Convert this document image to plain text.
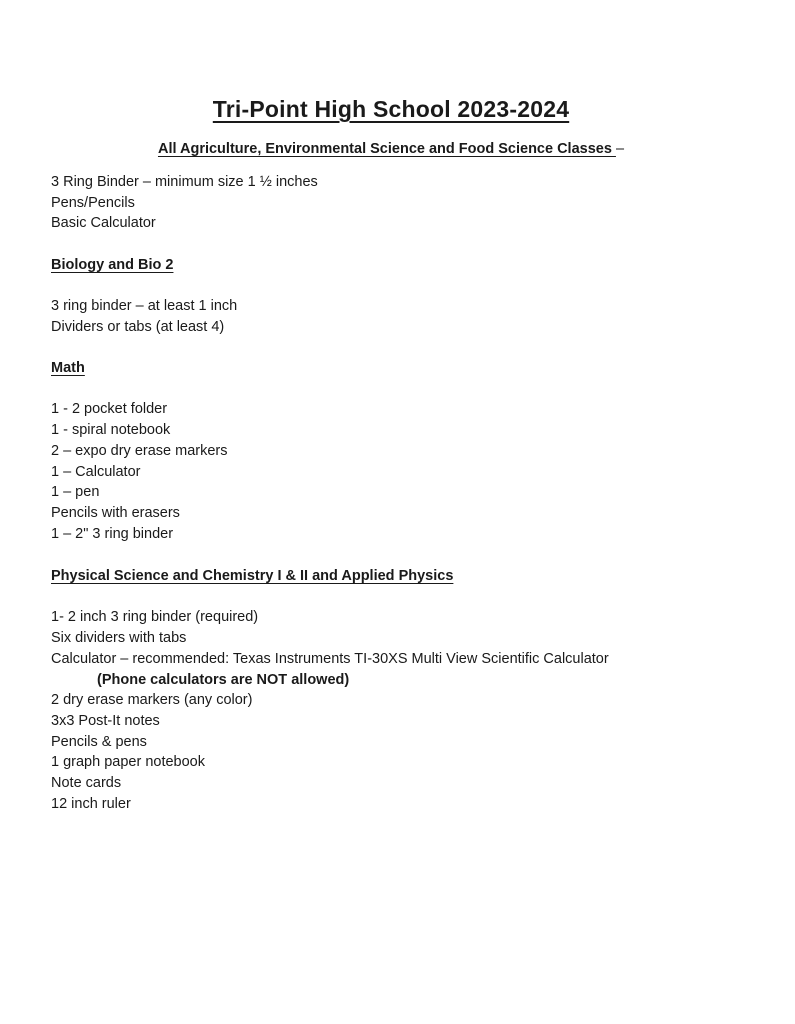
Tri-Point High School 2023-2024

All Agriculture, Environmental Science and Food Science Classes –

3 Ring Binder – minimum size 1 ½ inches
Pens/Pencils
Basic Calculator
Biology and Bio 2
3 ring binder – at least 1 inch
Dividers or tabs (at least 4)
Math
1 - 2 pocket folder
1 - spiral notebook
2 – expo dry erase markers
1 – Calculator
1 – pen
Pencils with erasers
1 – 2" 3 ring binder
Physical Science and Chemistry I & II and Applied Physics
1- 2 inch 3 ring binder (required)
Six dividers with tabs
Calculator – recommended: Texas Instruments TI-30XS Multi View Scientific Calculator
(Phone calculators are NOT allowed)
2 dry erase markers (any color)
3x3 Post-It notes
Pencils & pens
1 graph paper notebook
Note cards
12 inch ruler
